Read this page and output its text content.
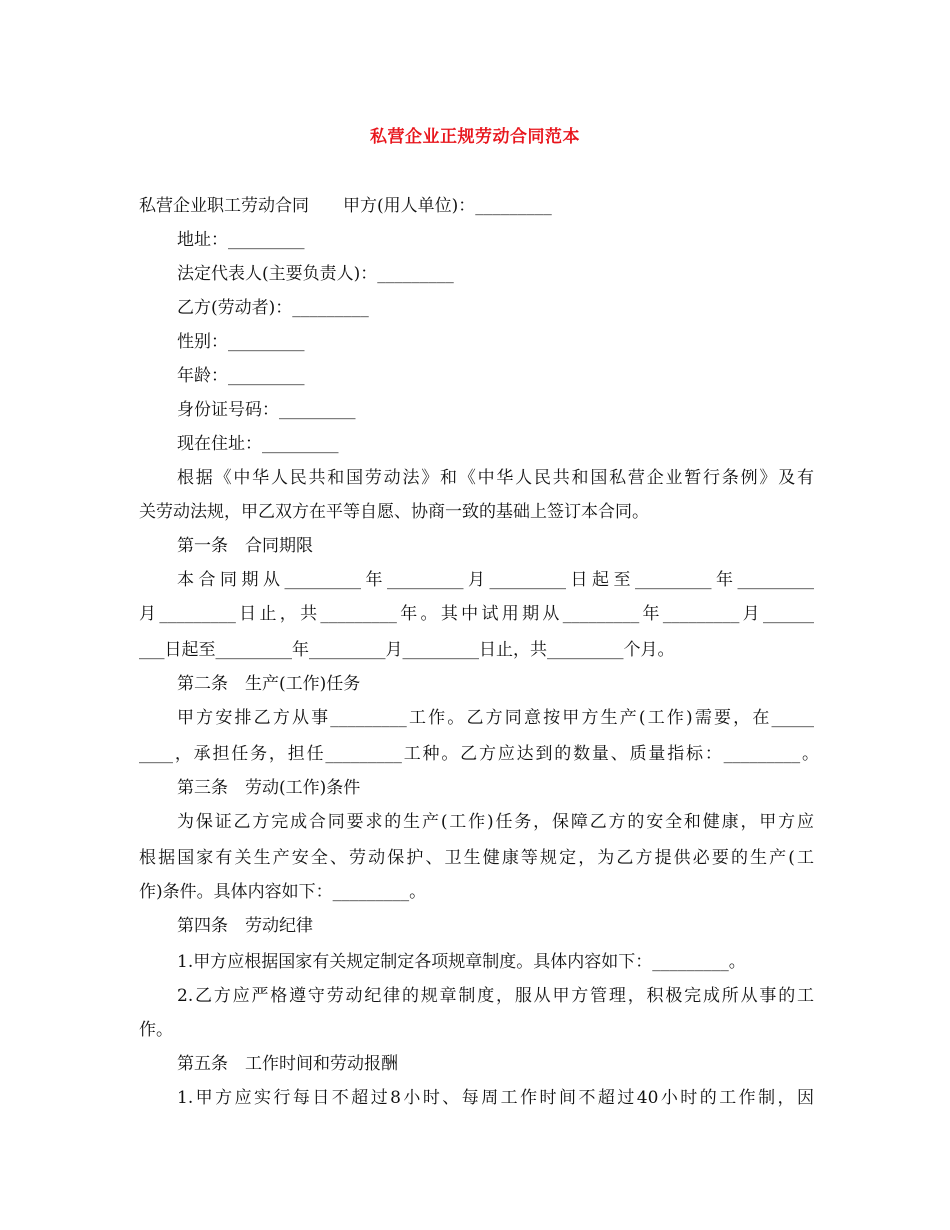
私营企业正规劳动合同范本
私营企业职工劳动合同　　甲方(用人单位)：_________
地址：_________
法定代表人(主要负责人)：_________
乙方(劳动者)：_________
性别：_________
年龄：_________
身份证号码：_________
现在住址：_________
根据《中华人民共和国劳动法》和《中华人民共和国私营企业暂行条例》及有
关劳动法规，甲乙双方在平等自愿、协商一致的基础上签订本合同。
第一条　合同期限
本合同期从_________年_________月_________日起至_________年_________
月_________日止，共_________年。其中试用期从_________年_________月______
___日起至_________年_________月_________日止，共_________个月。
第二条　生产(工作)任务
甲方安排乙方从事_________工作。乙方同意按甲方生产(工作)需要，在_____
____，承担任务，担任_________工种。乙方应达到的数量、质量指标：_________。
第三条　劳动(工作)条件
为保证乙方完成合同要求的生产(工作)任务，保障乙方的安全和健康，甲方应
根据国家有关生产安全、劳动保护、卫生健康等规定，为乙方提供必要的生产(工
作)条件。具体内容如下：_________。
第四条　劳动纪律
1.甲方应根据国家有关规定制定各项规章制度。具体内容如下：_________。
2.乙方应严格遵守劳动纪律的规章制度，服从甲方管理，积极完成所从事的工
作。
第五条　工作时间和劳动报酬
1.甲方应实行每日不超过8小时、每周工作时间不超过40小时的工作制，因
